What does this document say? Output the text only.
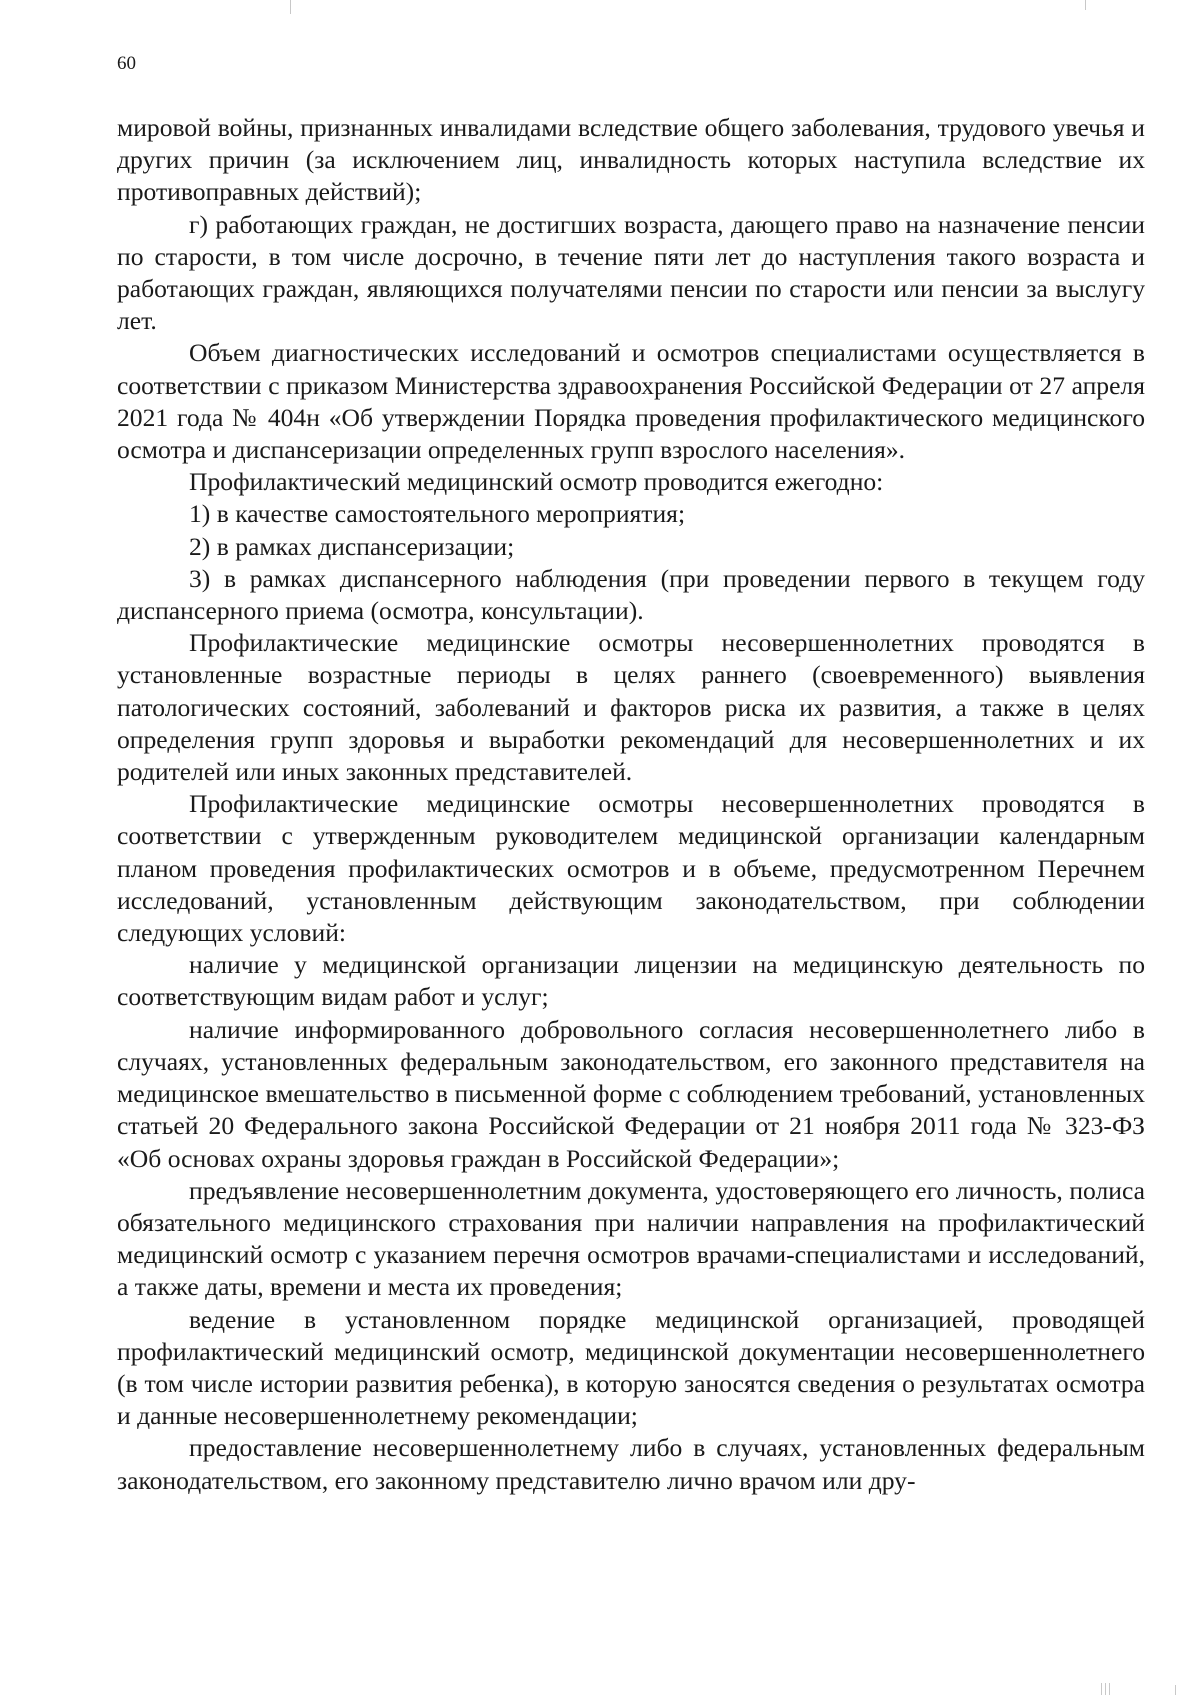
60

мировой войны, признанных инвалидами вследствие общего заболевания, трудового увечья и других причин (за исключением лиц, инвалидность которых наступила вследствие их противоправных действий);

г) работающих граждан, не достигших возраста, дающего право на назначение пенсии по старости, в том числе досрочно, в течение пяти лет до наступления такого возраста и работающих граждан, являющихся получателями пенсии по старости или пенсии за выслугу лет.

Объем диагностических исследований и осмотров специалистами осуществляется в соответствии с приказом Министерства здравоохранения Российской Федерации от 27 апреля 2021 года № 404н «Об утверждении Порядка проведения профилактического медицинского осмотра и диспансеризации определенных групп взрослого населения».

Профилактический медицинский осмотр проводится ежегодно:

1) в качестве самостоятельного мероприятия;

2) в рамках диспансеризации;

3) в рамках диспансерного наблюдения (при проведении первого в текущем году диспансерного приема (осмотра, консультации).

Профилактические медицинские осмотры несовершеннолетних проводятся в установленные возрастные периоды в целях раннего (своевременного) выявления патологических состояний, заболеваний и факторов риска их развития, а также в целях определения групп здоровья и выработки рекомендаций для несовершеннолетних и их родителей или иных законных представителей.

Профилактические медицинские осмотры несовершеннолетних проводятся в соответствии с утвержденным руководителем медицинской организации календарным планом проведения профилактических осмотров и в объеме, предусмотренном Перечнем исследований, установленным действующим законодательством, при соблюдении следующих условий:

наличие у медицинской организации лицензии на медицинскую деятельность по соответствующим видам работ и услуг;

наличие информированного добровольного согласия несовершеннолетнего либо в случаях, установленных федеральным законодательством, его законного представителя на медицинское вмешательство в письменной форме с соблюдением требований, установленных статьей 20 Федерального закона Российской Федерации от 21 ноября 2011 года № 323-ФЗ «Об основах охраны здоровья граждан в Российской Федерации»;

предъявление несовершеннолетним документа, удостоверяющего его личность, полиса обязательного медицинского страхования при наличии направления на профилактический медицинский осмотр с указанием перечня осмотров врачами-специалистами и исследований, а также даты, времени и места их проведения;

ведение в установленном порядке медицинской организацией, проводящей профилактический медицинский осмотр, медицинской документации несовершеннолетнего (в том числе истории развития ребенка), в которую заносятся сведения о результатах осмотра и данные несовершеннолетнему рекомендации;

предоставление несовершеннолетнему либо в случаях, установленных федеральным законодательством, его законному представителю лично врачом или дру-
